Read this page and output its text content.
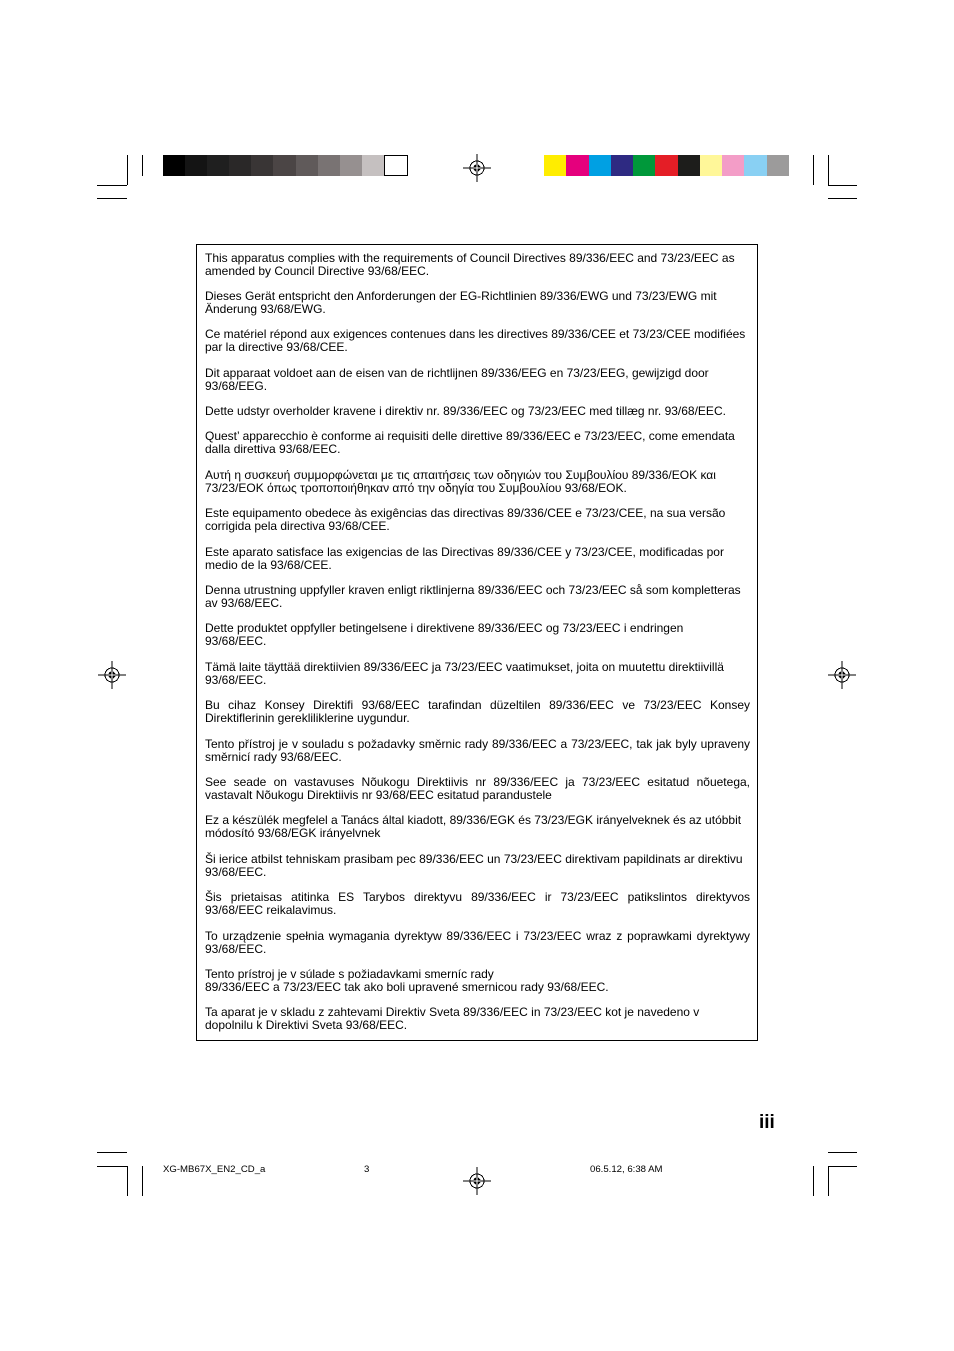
This apparatus complies with the requirements of Council Directives 89/336/EEC and 73/23/EEC as
amended by Council Directive 93/68/EEC.
Dieses Gerät entspricht den Anforderungen der EG-Richtlinien 89/336/EWG und 73/23/EWG mit
Änderung 93/68/EWG.
Ce matériel répond aux exigences contenues dans les directives 89/336/CEE et 73/23/CEE modifiées
par la directive 93/68/CEE.
Dit apparaat voldoet aan de eisen van de richtlijnen 89/336/EEG en 73/23/EEG, gewijzigd door
93/68/EEG.
Dette udstyr overholder kravene i direktiv nr. 89/336/EEC og 73/23/EEC med tillæg nr. 93/68/EEC.
Quest’ apparecchio è conforme ai requisiti delle direttive 89/336/EEC e 73/23/EEC, come emendata
dalla direttiva 93/68/EEC.
Αυτή η συσκευή συμμορφώνεται με τις απαιτήσεις των οδηγιών του Συμβουλίου 89/336/ΕΟΚ και
73/23/ΕΟΚ όπως τροποποιήθηκαν από την οδηγία του Συμβουλίου 93/68/ΕΟΚ.
Este equipamento obedece às exigências das directivas 89/336/CEE e 73/23/CEE, na sua versão
corrigida pela directiva 93/68/CEE.
Este aparato satisface las exigencias de las Directivas 89/336/CEE y 73/23/CEE, modificadas por
medio de la 93/68/CEE.
Denna utrustning uppfyller kraven enligt riktlinjerna 89/336/EEC och 73/23/EEC så som kompletteras
av 93/68/EEC.
Dette produktet oppfyller betingelsene i direktivene 89/336/EEC og 73/23/EEC i endringen
93/68/EEC.
Tämä laite täyttää direktiivien 89/336/EEC ja 73/23/EEC vaatimukset, joita on muutettu direktiivillä
93/68/EEC.
Bu cihaz Konsey Direktifi 93/68/EEC tarafindan düzeltilen 89/336/EEC ve 73/23/EEC Konsey
Direktiflerinin gerekliliklerine uygundur.
Tento přístroj je v souladu s požadavky směrnic rady 89/336/EEC a 73/23/EEC, tak jak byly upraveny
směrnicí rady 93/68/EEC.
See seade on vastavuses Nõukogu Direktiivis nr 89/336/EEC ja 73/23/EEC esitatud nõuetega,
vastavalt Nõukogu Direktiivis nr 93/68/EEC esitatud parandustele
Ez a készülék megfelel a Tanács által kiadott, 89/336/EGK és 73/23/EGK irányelveknek és az utóbbit
módosító 93/68/EGK irányelvnek
Ši ierice atbilst tehniskam prasibam pec 89/336/EEC un 73/23/EEC direktivam papildinats ar direktivu
93/68/EEC.
Šis prietaisas atitinka ES Tarybos direktyvu 89/336/EEC ir 73/23/EEC patikslintos direktyvos
93/68/EEC reikalavimus.
To urządzenie spełnia wymagania dyrektyw 89/336/EEC i 73/23/EEC wraz z poprawkami dyrektywy
93/68/EEC.
Tento prístroj je v súlade s požiadavkami smerníc rady
89/336/EEC a 73/23/EEC tak ako boli upravené smernicou rady 93/68/EEC.
Ta aparat je v skladu z zahtevami Direktiv Sveta 89/336/EEC in 73/23/EEC kot je navedeno v
dopolnilu k Direktivi Sveta 93/68/EEC.
iii
XG-MB67X_EN2_CD_a	3	06.5.12, 6:38 AM
